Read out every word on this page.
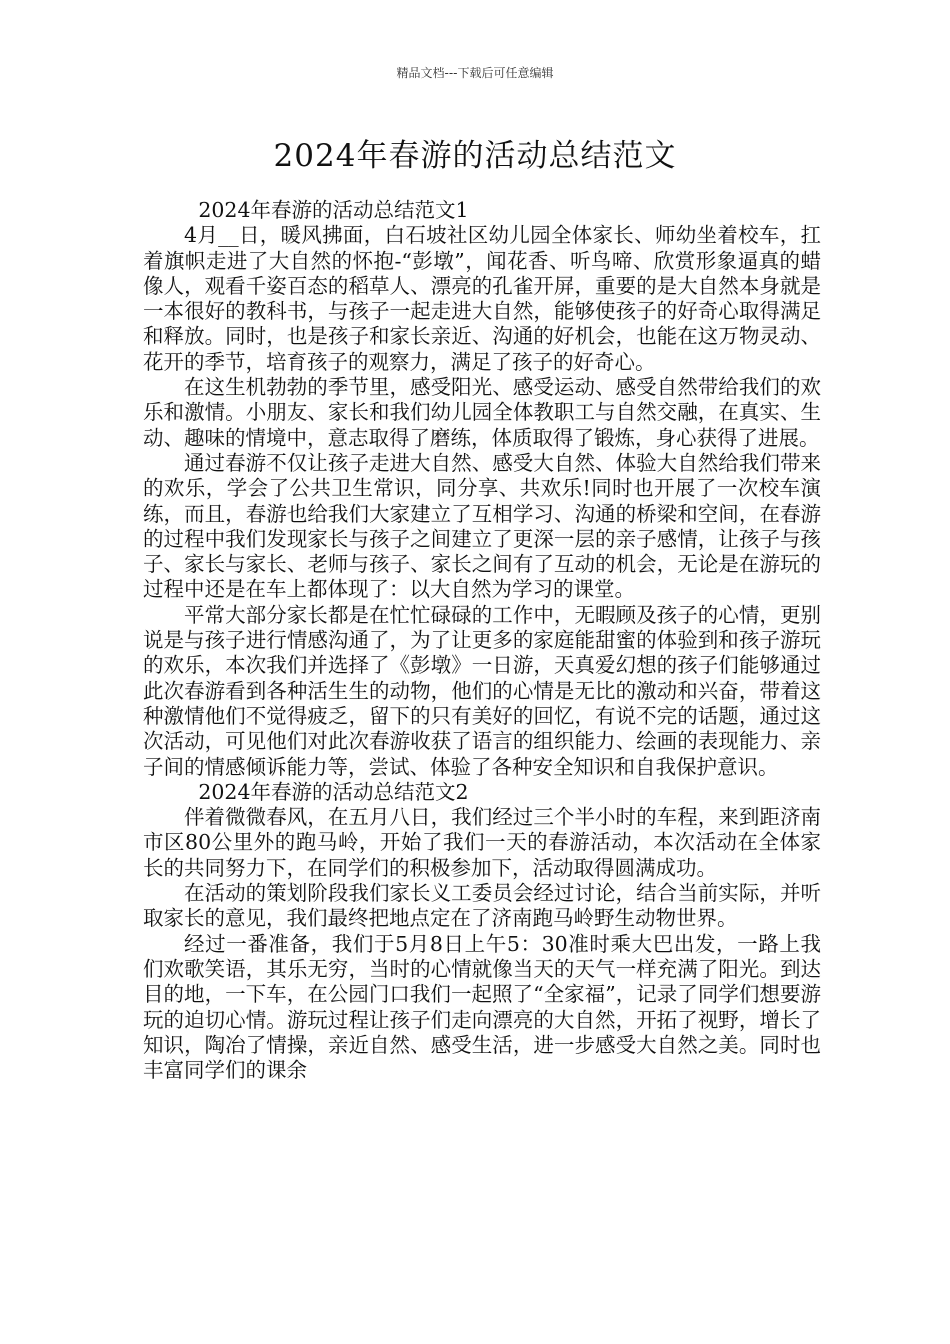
精品文档---下载后可任意编辑
2024年春游的活动总结范文

2024年春游的活动总结范文1

4月__日，暖风拂面，白石坡社区幼儿园全体家长、师幼坐着校车，扛着旗帜走进了大自然的怀抱-“彭墩”，闻花香、听鸟啼、欣赏形象逼真的蜡像人，观看千姿百态的稻草人、漂亮的孔雀开屏，重要的是大自然本身就是一本很好的教科书，与孩子一起走进大自然，能够使孩子的好奇心取得满足和释放。同时，也是孩子和家长亲近、沟通的好机会，也能在这万物灵动、花开的季节，培育孩子的观察力，满足了孩子的好奇心。

在这生机勃勃的季节里，感受阳光、感受运动、感受自然带给我们的欢乐和激情。小朋友、家长和我们幼儿园全体教职工与自然交融，在真实、生动、趣味的情境中，意志取得了磨练，体质取得了锻炼，身心获得了进展。

通过春游不仅让孩子走进大自然、感受大自然、体验大自然给我们带来的欢乐，学会了公共卫生常识，同分享、共欢乐!同时也开展了一次校车演练，而且，春游也给我们大家建立了互相学习、沟通的桥梁和空间，在春游的过程中我们发现家长与孩子之间建立了更深一层的亲子感情，让孩子与孩子、家长与家长、老师与孩子、家长之间有了互动的机会，无论是在游玩的过程中还是在车上都体现了：以大自然为学习的课堂。

平常大部分家长都是在忙忙碌碌的工作中，无暇顾及孩子的心情，更别说是与孩子进行情感沟通了，为了让更多的家庭能甜蜜的体验到和孩子游玩的欢乐，本次我们并选择了《彭墩》一日游，天真爱幻想的孩子们能够通过此次春游看到各种活生生的动物，他们的心情是无比的激动和兴奋，带着这种激情他们不觉得疲乏，留下的只有美好的回忆，有说不完的话题，通过这次活动，可见他们对此次春游收获了语言的组织能力、绘画的表现能力、亲子间的情感倾诉能力等，尝试、体验了各种安全知识和自我保护意识。

2024年春游的活动总结范文2

伴着微微春风，在五月八日，我们经过三个半小时的车程，来到距济南市区80公里外的跑马岭，开始了我们一天的春游活动，本次活动在全体家长的共同努力下，在同学们的积极参加下，活动取得圆满成功。

在活动的策划阶段我们家长义工委员会经过讨论，结合当前实际，并听取家长的意见，我们最终把地点定在了济南跑马岭野生动物世界。

经过一番准备，我们于5月8日上午5：30准时乘大巴出发，一路上我们欢歌笑语，其乐无穷，当时的心情就像当天的天气一样充满了阳光。到达目的地，一下车，在公园门口我们一起照了“全家福”，记录了同学们想要游玩的迫切心情。游玩过程让孩子们走向漂亮的大自然，开拓了视野，增长了知识，陶冶了情操，亲近自然、感受生活，进一步感受大自然之美。同时也丰富同学们的课余
